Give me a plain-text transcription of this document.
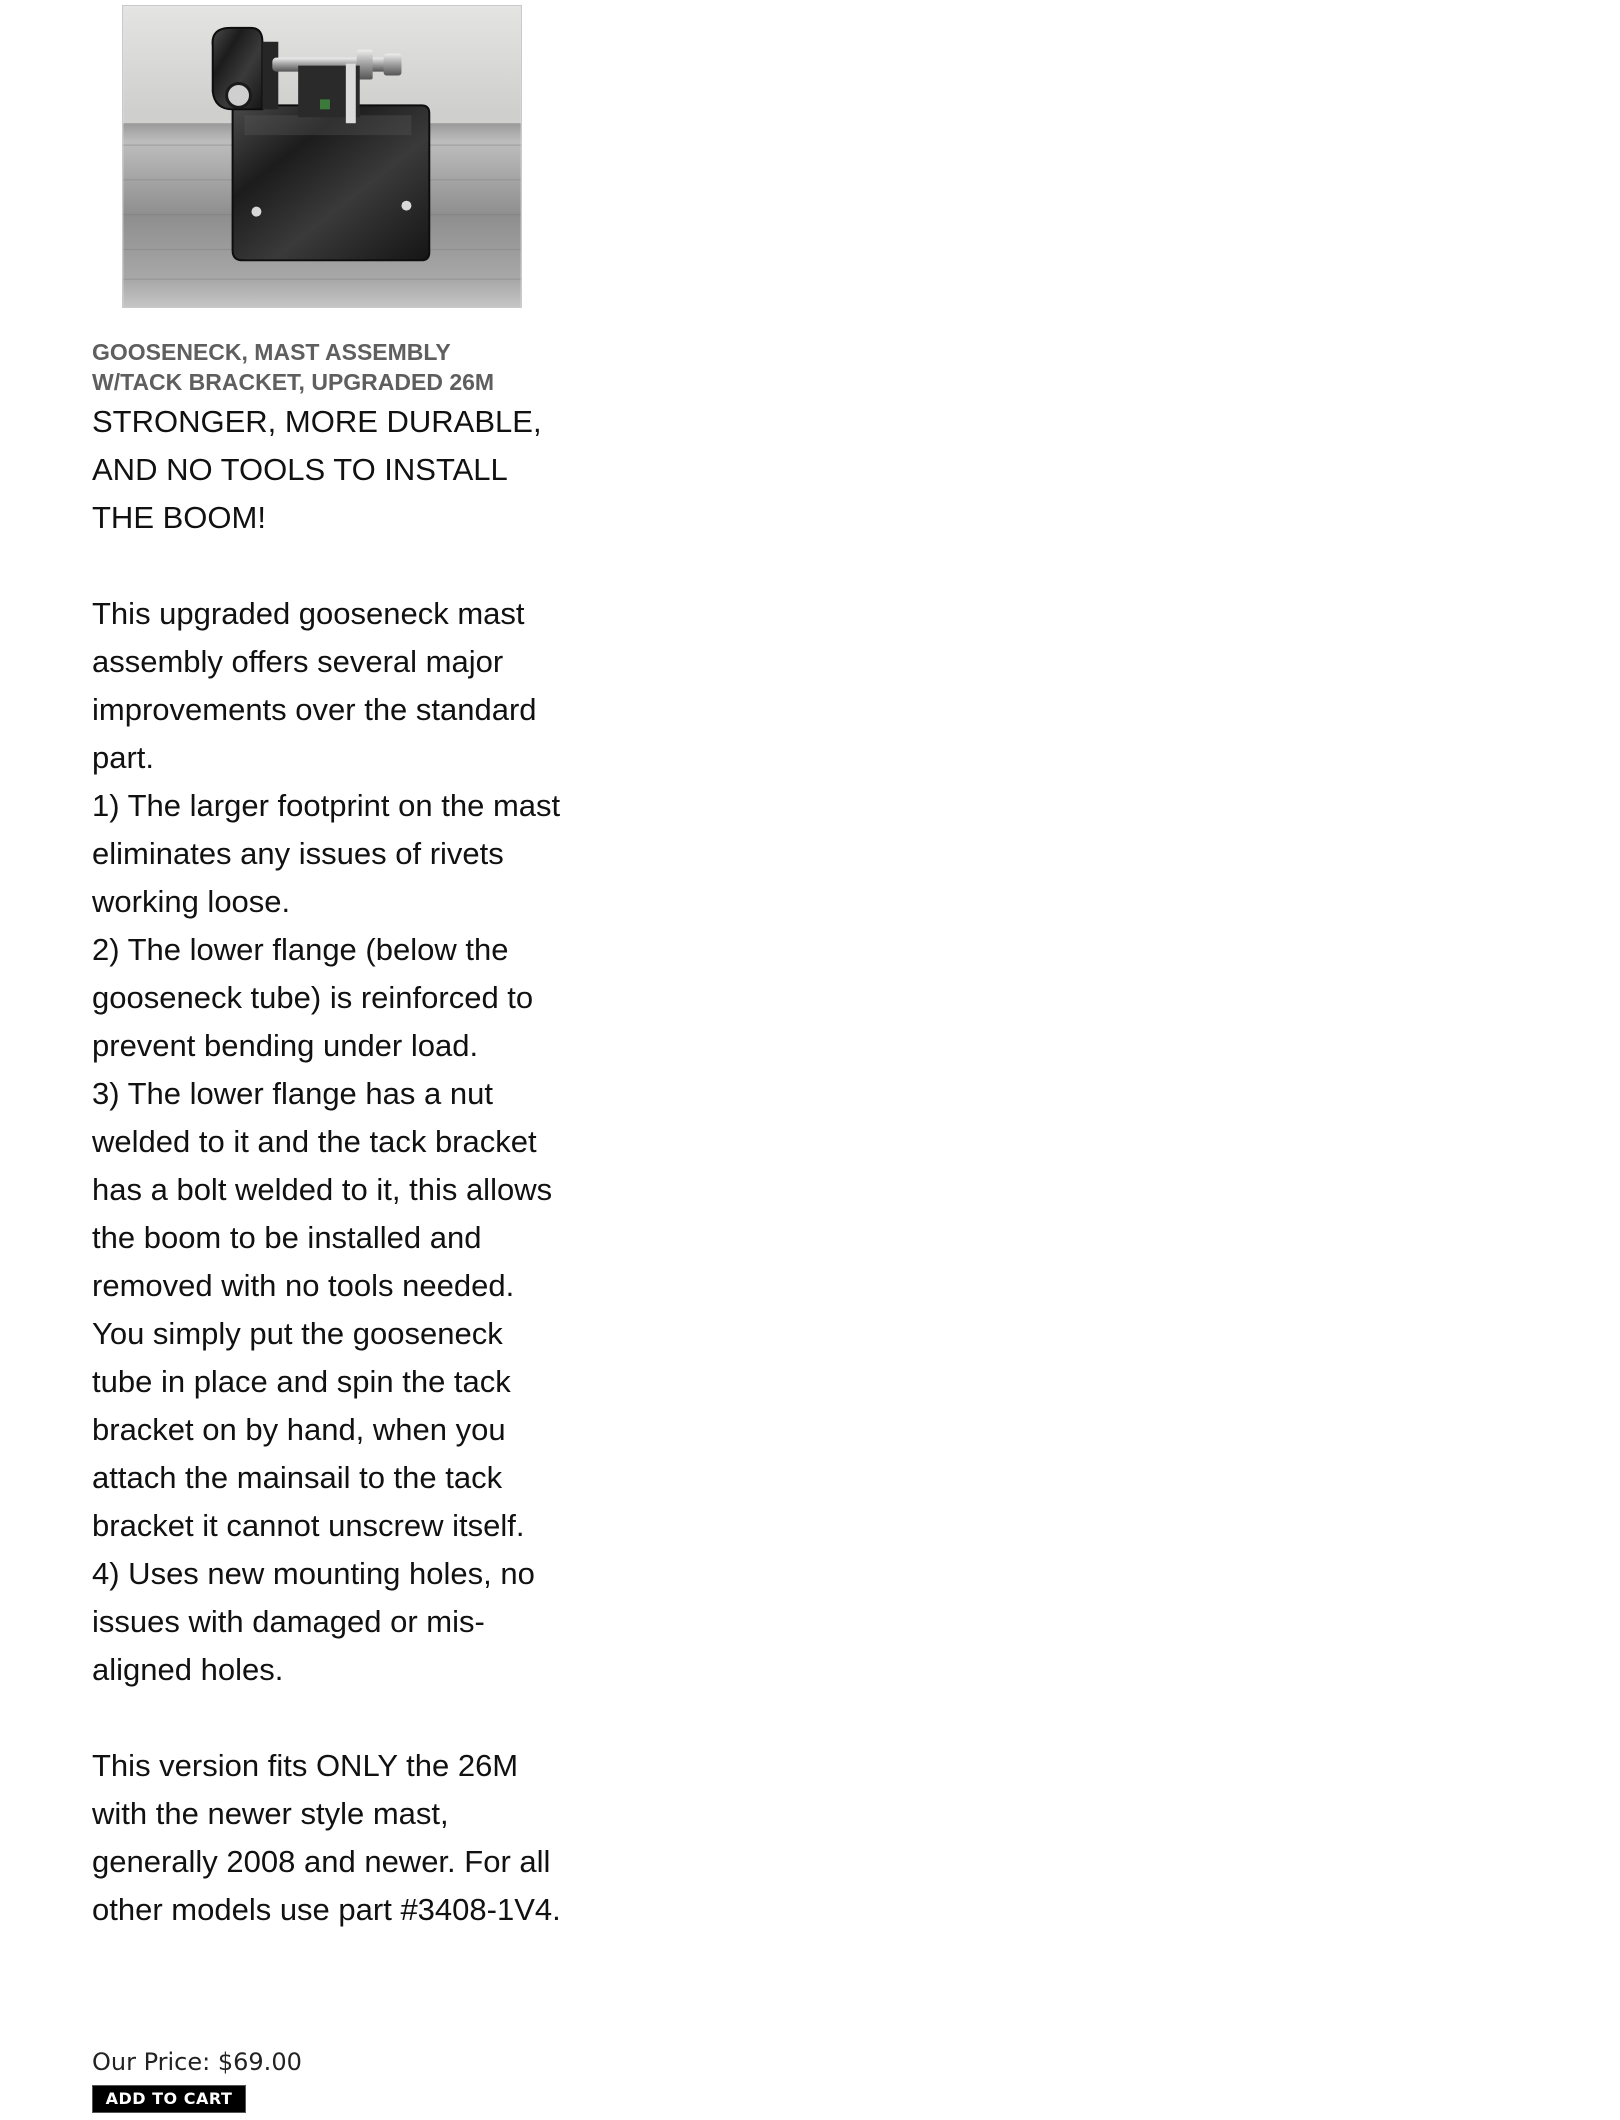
GOOSENECK, MAST ASSEMBLY
W/TACK BRACKET, UPGRADED 26M

STRONGER, MORE DURABLE, AND NO TOOLS TO INSTALL THE BOOM!

This upgraded gooseneck mast assembly offers several major improvements over the standard part.

1) The larger footprint on the mast eliminates any issues of rivets working loose.

2) The lower flange (below the gooseneck tube) is reinforced to prevent bending under load.

3) The lower flange has a nut welded to it and the tack bracket has a bolt welded to it, this allows the boom to be installed and removed with no tools needed. You simply put the gooseneck tube in place and spin the tack bracket on by hand, when you attach the mainsail to the tack bracket it cannot unscrew itself.

4) Uses new mounting holes, no issues with damaged or mis-aligned holes.

This version fits ONLY the 26M with the newer style mast, generally 2008 and newer. For all other models use part #3408-1V4.

Our Price: $69.00
ADD TO CART
